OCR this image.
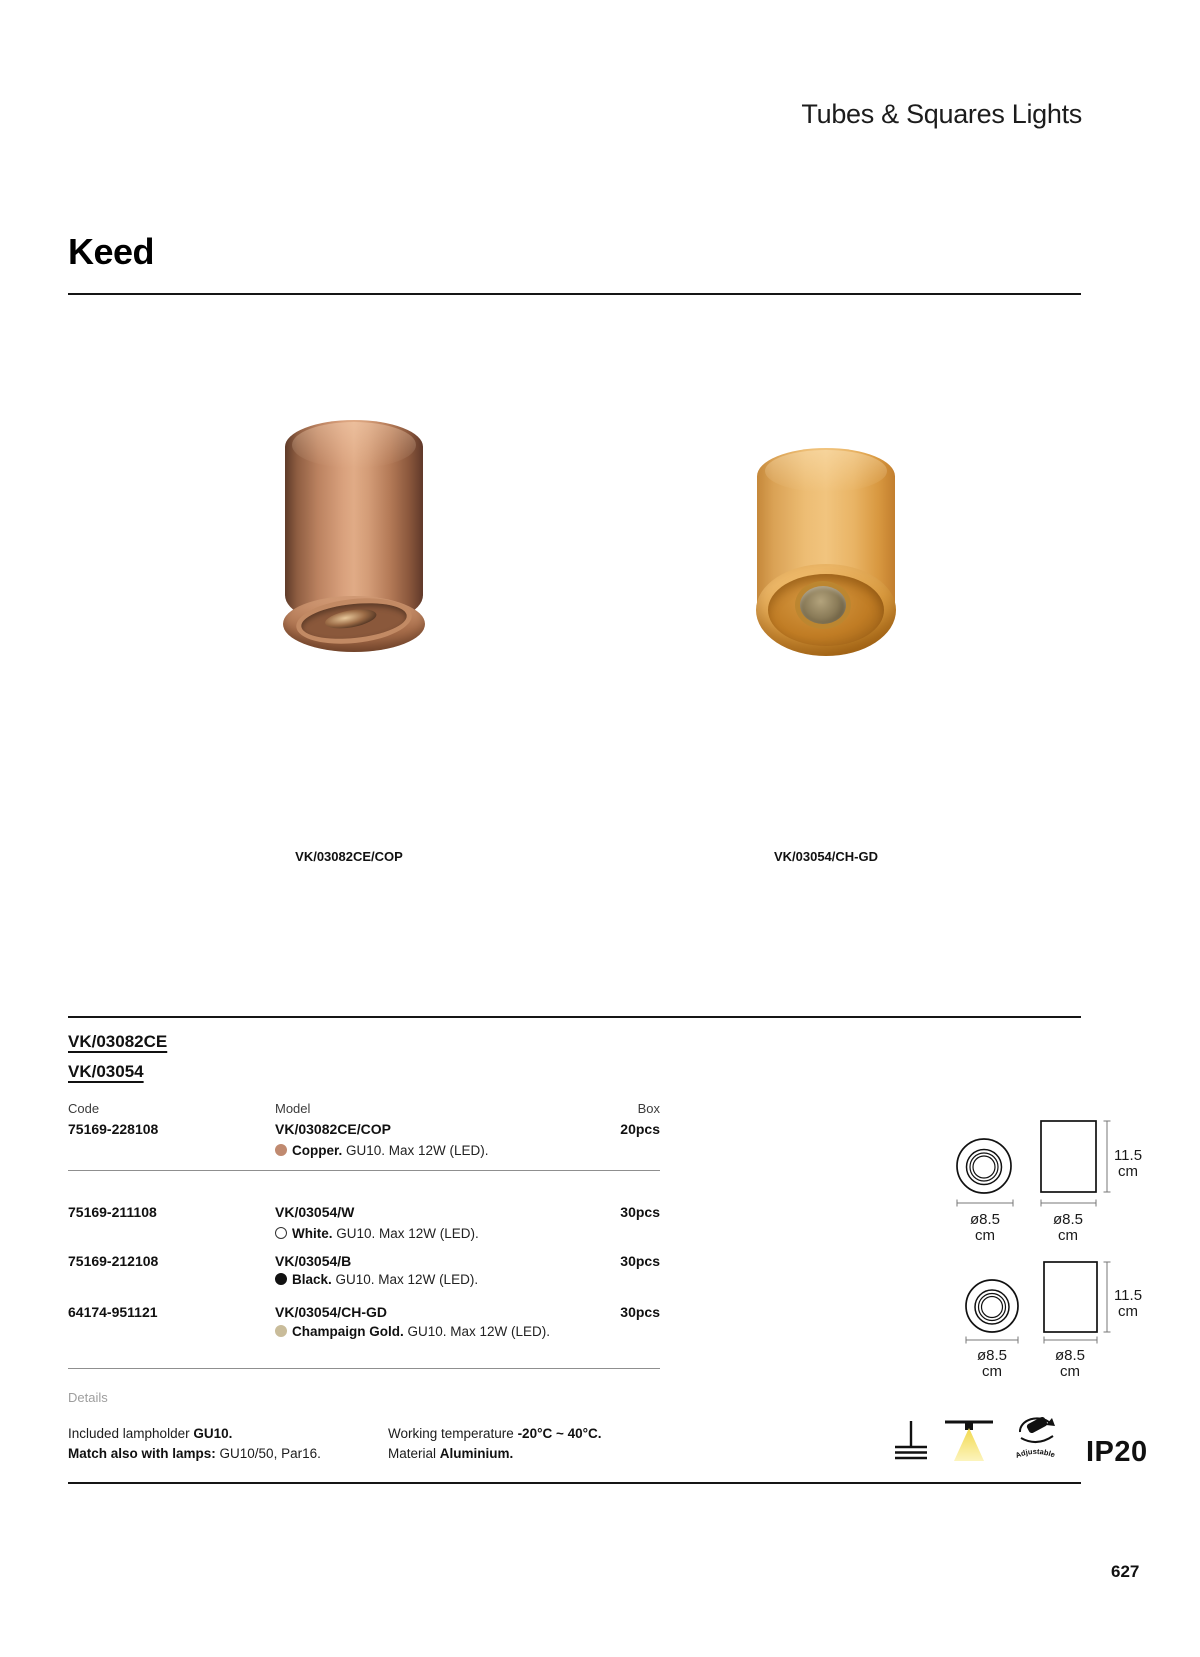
Tubes & Squares Lights
Keed
VK/03082CE/COP	VK/03054/CH-GD
VK/03082CE
VK/03054
Code	Model	Box
75169-228108	VK/03082CE/COP	20pcs
Copper. GU10. Max 12W (LED).
75169-211108	VK/03054/W	30pcs
White. GU10. Max 12W (LED).
75169-212108	VK/03054/B	30pcs
Black. GU10. Max 12W (LED).
64174-951121	VK/03054/CH-GD	30pcs
Champaign Gold. GU10. Max 12W (LED).
Details
Included lampholder GU10.
Match also with lamps: GU10/50, Par16.
Working temperature -20°C ~ 40°C.
Material Aluminium.
ø8.5
cm
ø8.5
cm
11.5
cm
ø8.5
cm
ø8.5
cm
11.5
cm
Adjustable IP20
627
